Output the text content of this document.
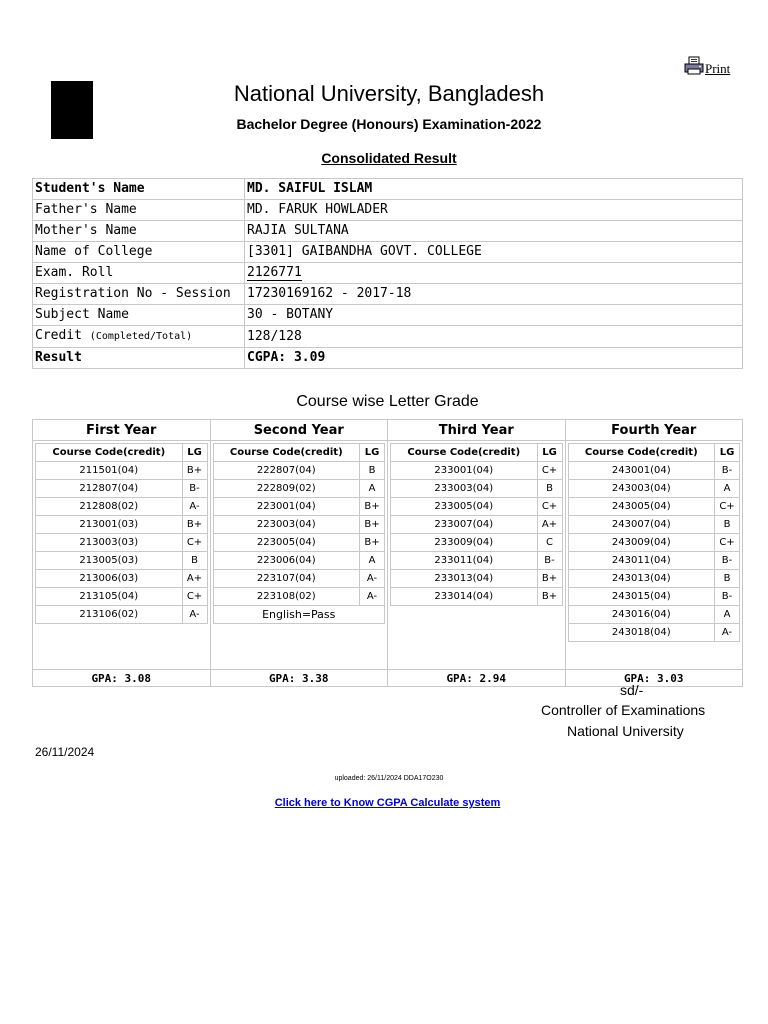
Print
National University, Bangladesh
Bachelor Degree (Honours) Examination-2022
Consolidated Result
Student's Name	MD. SAIFUL ISLAM
Father's Name	MD. FARUK HOWLADER
Mother's Name	RAJIA SULTANA
Name of College	[3301] GAIBANDHA GOVT. COLLEGE
Exam. Roll	2126771
Registration No - Session	17230169162 - 2017-18
Subject Name	30 - BOTANY
Credit (Completed/Total)	128/128
Result	CGPA: 3.09
Course wise Letter Grade
First Year	Second Year	Third Year	Fourth Year

Course Code(credit)	LG
211501(04)	B+
212807(04)	B-
212808(02)	A-
213001(03)	B+
213003(03)	C+
213005(03)	B
213006(03)	A+
213105(04)	C+
213106(02)	A-

Course Code(credit)	LG
222807(04)	B
222809(02)	A
223001(04)	B+
223003(04)	B+
223005(04)	B+
223006(04)	A
223107(04)	A-
223108(02)	A-
English=Pass

Course Code(credit)	LG
233001(04)	C+
233003(04)	B
233005(04)	C+
233007(04)	A+
233009(04)	C
233011(04)	B-
233013(04)	B+
233014(04)	B+

Course Code(credit)	LG
243001(04)	B-
243003(04)	A
243005(04)	C+
243007(04)	B
243009(04)	C+
243011(04)	B-
243013(04)	B
243015(04)	B-
243016(04)	A
243018(04)	A-

GPA: 3.08	GPA: 3.38	GPA: 2.94	GPA: 3.03
sd/-
Controller of Examinations
National University
26/11/2024
uploaded: 26/11/2024 DDA17O230
Click here to Know CGPA Calculate system
